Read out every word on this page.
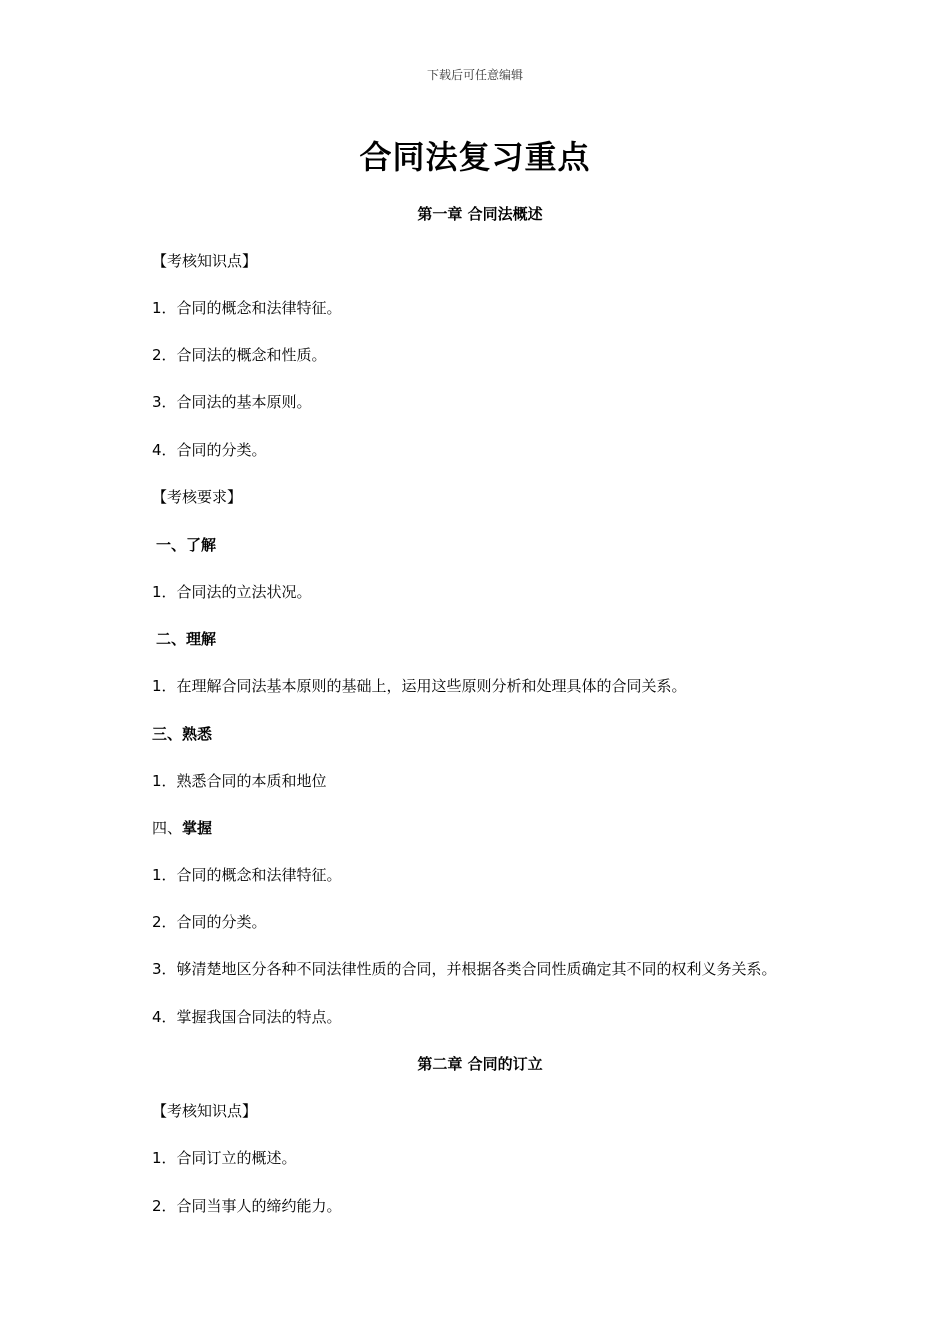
下载后可任意编辑
合同法复习重点
第一章 合同法概述
【考核知识点】
1．合同的概念和法律特征。
2．合同法的概念和性质。
3．合同法的基本原则。
4．合同的分类。
【考核要求】
一、了解
1．合同法的立法状况。
二、理解
1．在理解合同法基本原则的基础上，运用这些原则分析和处理具体的合同关系。
三、熟悉
1．熟悉合同的本质和地位
四、掌握
1．合同的概念和法律特征。
2．合同的分类。
3．够清楚地区分各种不同法律性质的合同，并根据各类合同性质确定其不同的权利义务关系。
4．掌握我国合同法的特点。
第二章 合同的订立
【考核知识点】
1．合同订立的概述。
2．合同当事人的缔约能力。
